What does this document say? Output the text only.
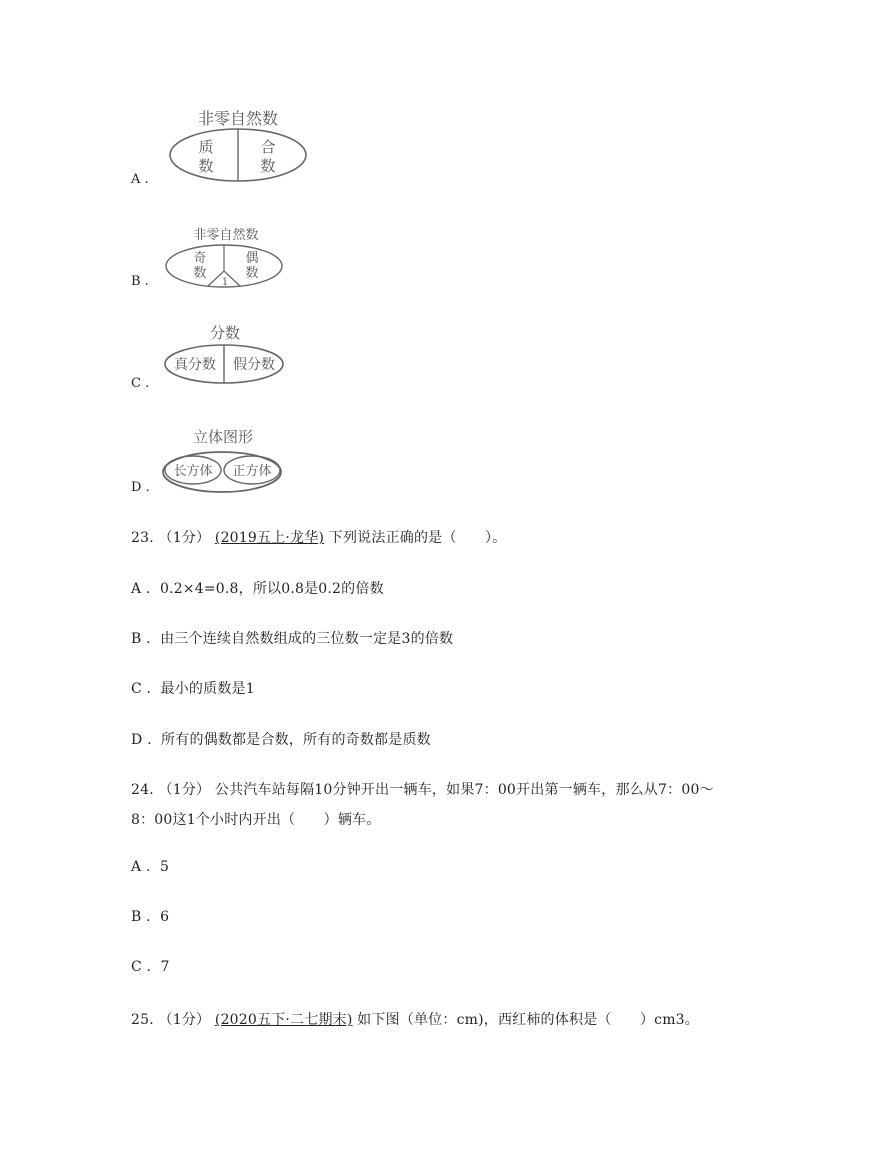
A .
非零自然数
质
数
合
数
B .
非零自然数
奇
数
偶
数
1
C .
分数
真分数 假分数
D .
立体图形
长方体 正方体
23. （1分） (2019五上·龙华) 下列说法正确的是（　　）。
A . 0.2×4=0.8，所以0.8是0.2的倍数
B . 由三个连续自然数组成的三位数一定是3的倍数
C . 最小的质数是1
D . 所有的偶数都是合数，所有的奇数都是质数
24. （1分） 公共汽车站每隔10分钟开出一辆车，如果7：00开出第一辆车，那么从7：00～
8：00这1个小时内开出（　　）辆车。
A . 5
B . 6
C . 7
25. （1分） (2020五下·二七期末) 如下图（单位：cm)，西红柿的体积是（　　）cm3。
